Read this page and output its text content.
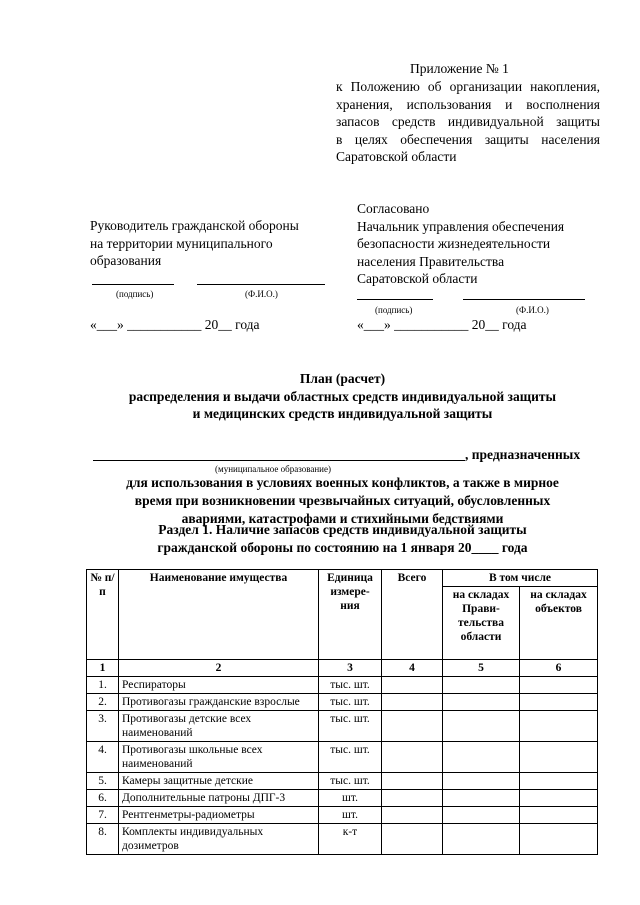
Приложение № 1
к Положению об организации накопления,
хранения, использования и восполнения
запасов средств индивидуальной защиты
в целях обеспечения защиты населения
Саратовской области
Согласовано
Начальник управления обеспечения
безопасности жизнедеятельности
населения Правительства
Саратовской области
(подпись)	(Ф.И.О.)
«___» ___________ 20__ года
Руководитель гражданской обороны
на территории муниципального
образования
(подпись)	(Ф.И.О.)
«___» ___________ 20__ года
План (расчет)
распределения и выдачи областных средств индивидуальной защиты
и медицинских средств индивидуальной защиты
, предназначенных
(муниципальное образование)
для использования в условиях военных конфликтов, а также в мирное
время при возникновении чрезвычайных ситуаций, обусловленных
авариями, катастрофами и стихийными бедствиями
Раздел 1. Наличие запасов средств индивидуальной защиты
гражданской обороны по состоянию на 1 января 20____ года
№ п/п	Наименование имущества	Единица измере-ния	Всего	В том числе	
				на складах Прави-тельства области	на складах объектов
1	2	3	4	5	6
1.	Респираторы	тыс. шт.			
2.	Противогазы гражданские взрослые	тыс. шт.			
3.	Противогазы детские всех наименований	тыс. шт.			
4.	Противогазы школьные всех наименований	тыс. шт.			
5.	Камеры защитные детские	тыс. шт.			
6.	Дополнительные патроны ДПГ-3	шт.			
7.	Рентгенметры-радиометры	шт.			
8.	Комплекты индивидуальных дозиметров	к-т			
